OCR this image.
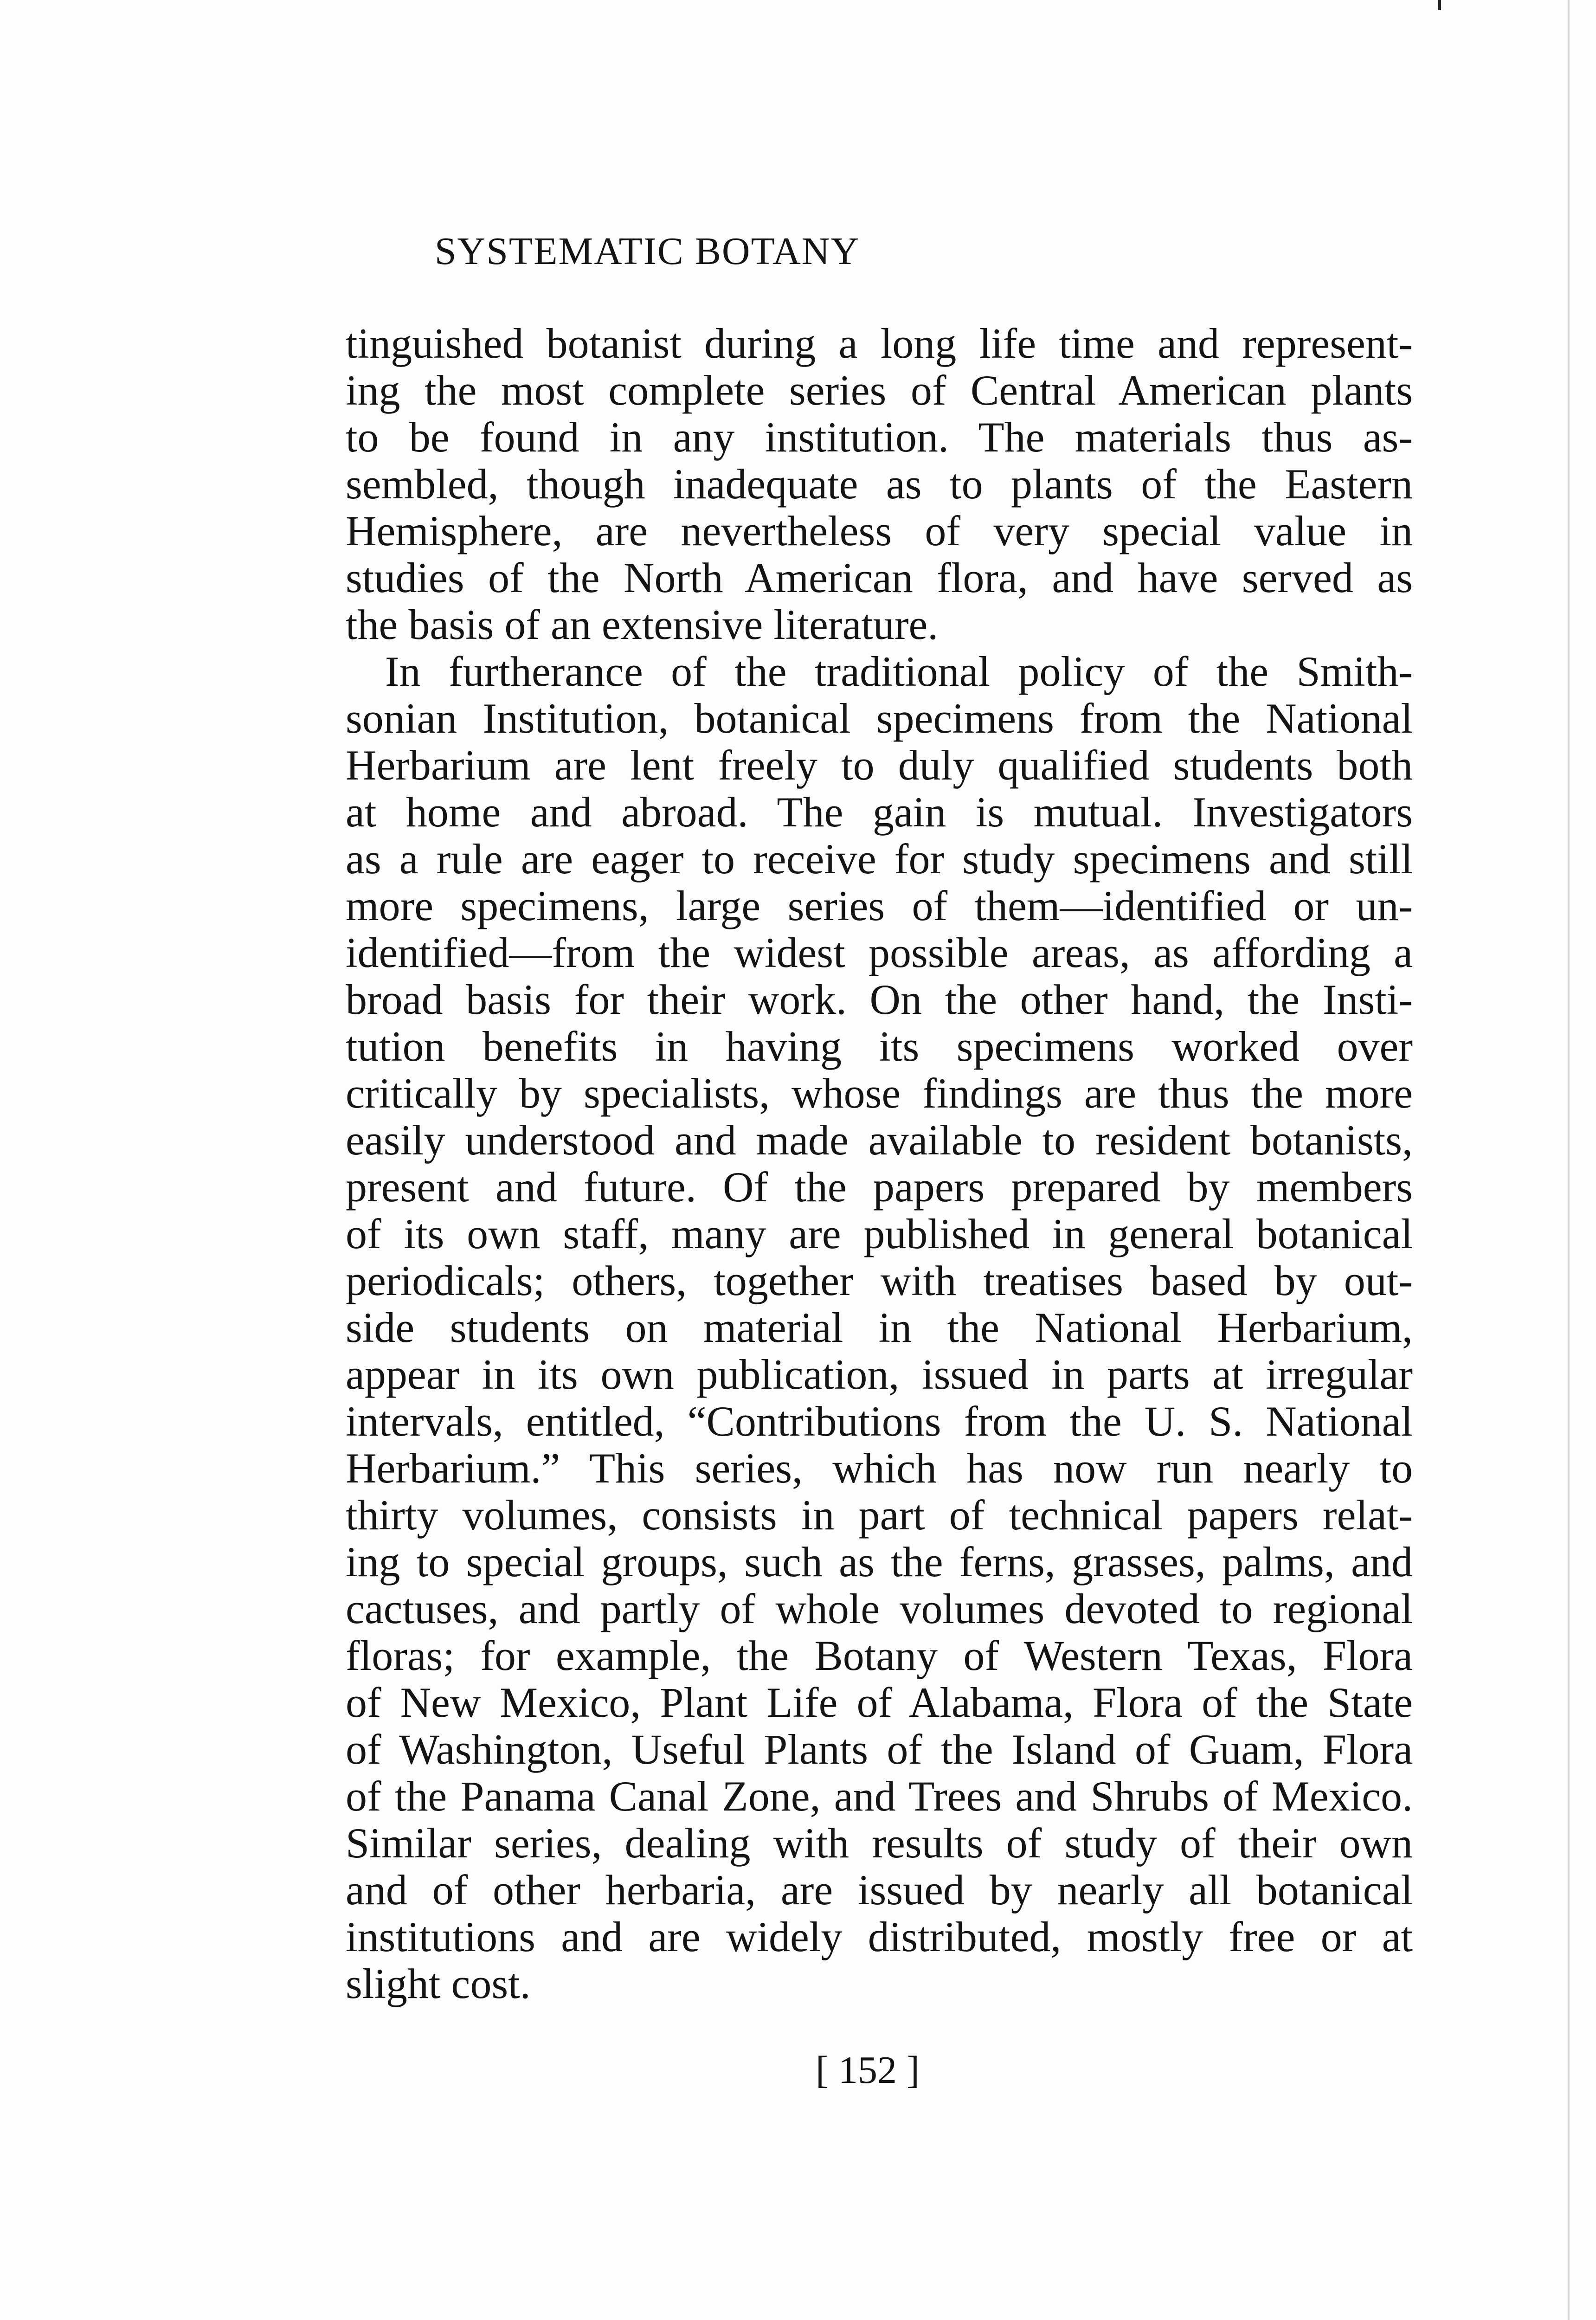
SYSTEMATIC BOTANY
tinguished botanist during a long life time and represent-
ing the most complete series of Central American plants
to be found in any institution. The materials thus as-
sembled, though inadequate as to plants of the Eastern
Hemisphere, are nevertheless of very special value in
studies of the North American flora, and have served as
the basis of an extensive literature.
In furtherance of the traditional policy of the Smith-
sonian Institution, botanical specimens from the National
Herbarium are lent freely to duly qualified students both
at home and abroad. The gain is mutual. Investigators
as a rule are eager to receive for study specimens and still
more specimens, large series of them—identified or un-
identified—from the widest possible areas, as affording a
broad basis for their work. On the other hand, the Insti-
tution benefits in having its specimens worked over
critically by specialists, whose findings are thus the more
easily understood and made available to resident botanists,
present and future. Of the papers prepared by members
of its own staff, many are published in general botanical
periodicals; others, together with treatises based by out-
side students on material in the National Herbarium,
appear in its own publication, issued in parts at irregular
intervals, entitled, “Contributions from the U. S. National
Herbarium.” This series, which has now run nearly to
thirty volumes, consists in part of technical papers relat-
ing to special groups, such as the ferns, grasses, palms, and
cactuses, and partly of whole volumes devoted to regional
floras; for example, the Botany of Western Texas, Flora
of New Mexico, Plant Life of Alabama, Flora of the State
of Washington, Useful Plants of the Island of Guam, Flora
of the Panama Canal Zone, and Trees and Shrubs of Mexico.
Similar series, dealing with results of study of their own
and of other herbaria, are issued by nearly all botanical
institutions and are widely distributed, mostly free or at
slight cost.
[ 152 ]
